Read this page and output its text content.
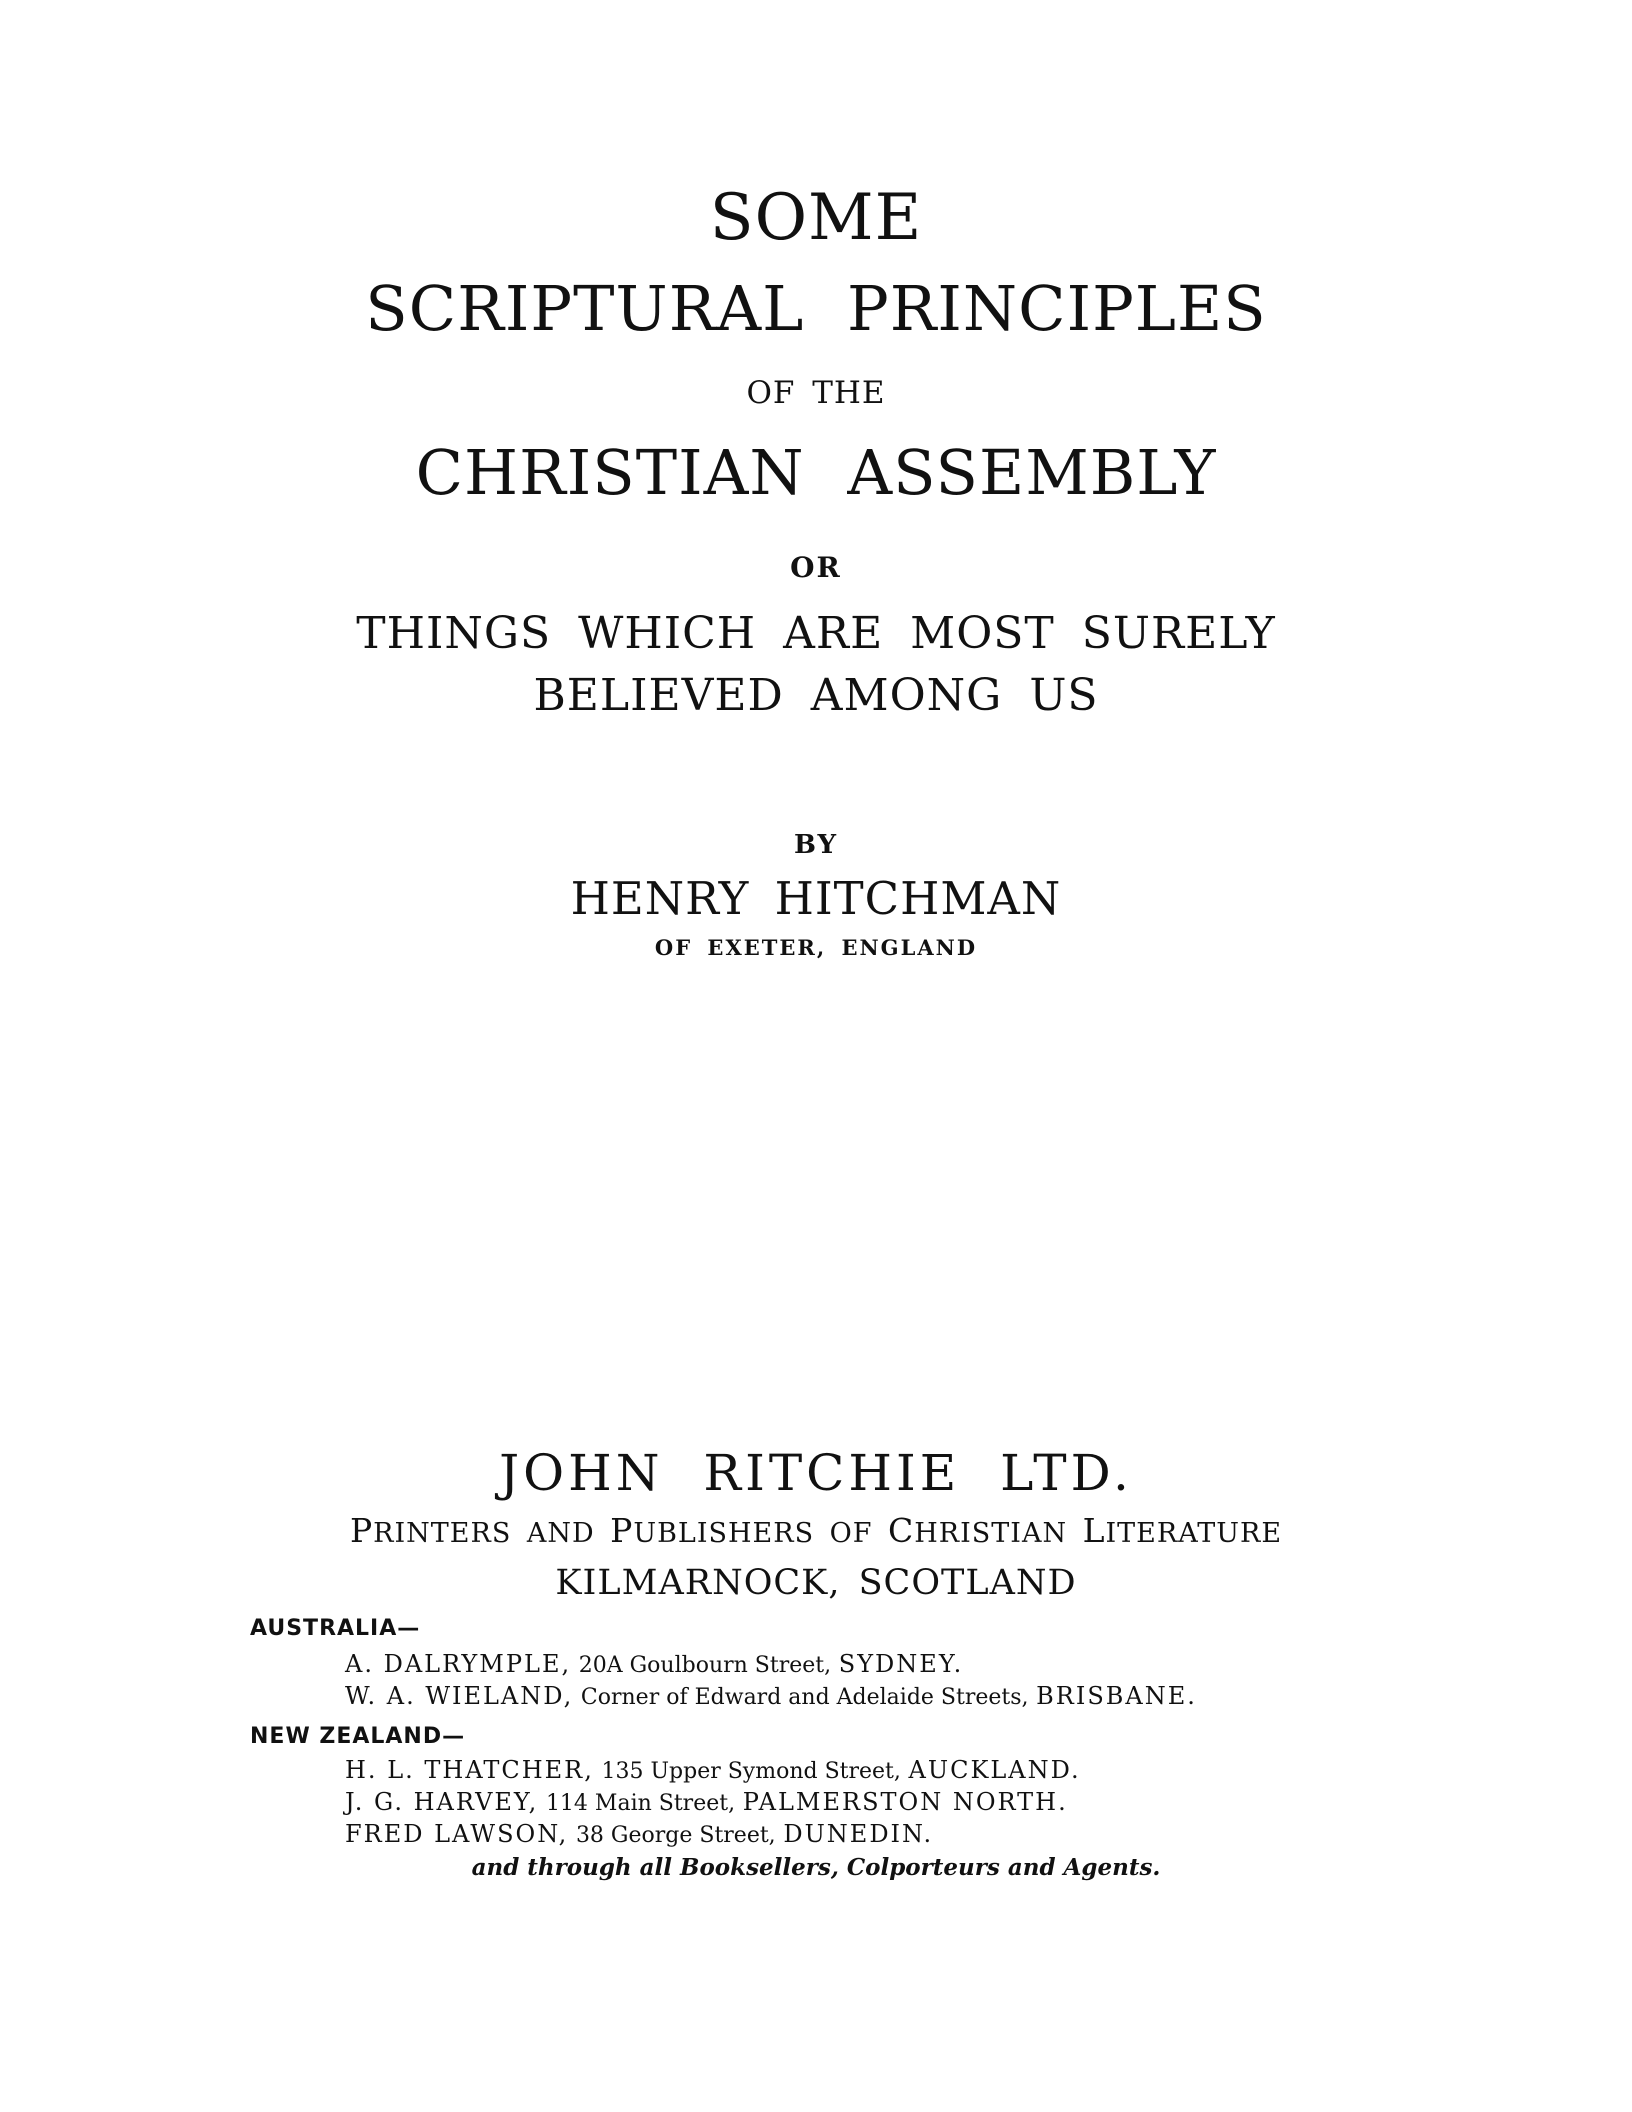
SOME
SCRIPTURAL PRINCIPLES
OF THE
CHRISTIAN ASSEMBLY
OR
THINGS WHICH ARE MOST SURELY
BELIEVED AMONG US
BY
HENRY HITCHMAN
OF EXETER, ENGLAND
JOHN RITCHIE LTD.
PRINTERS AND PUBLISHERS OF CHRISTIAN LITERATURE
KILMARNOCK, SCOTLAND
AUSTRALIA—
A. DALRYMPLE, 20A Goulbourn Street, SYDNEY.
W. A. WIELAND, Corner of Edward and Adelaide Streets, BRISBANE.
NEW ZEALAND—
H. L. THATCHER, 135 Upper Symond Street, AUCKLAND.
J. G. HARVEY, 114 Main Street, PALMERSTON NORTH.
FRED LAWSON, 38 George Street, DUNEDIN.
and through all Booksellers, Colporteurs and Agents.
